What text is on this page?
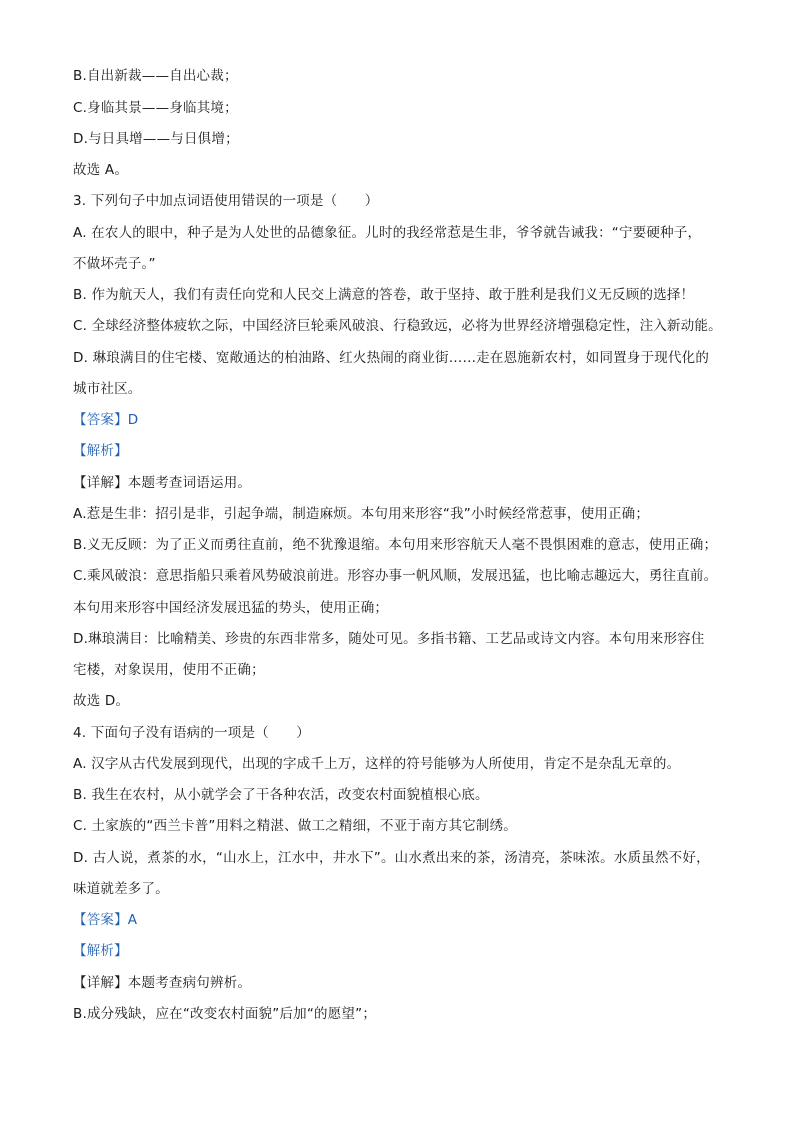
B.自出新裁——自出心裁；
C.身临其景——身临其境；
D.与日具增——与日俱增；
故选 A。
3. 下列句子中加点词语使用错误的一项是（　　）
A. 在农人的眼中，种子是为人处世的品德象征。儿时的我经常惹是生非，爷爷就告诫我：“宁要硬种子，
不做坏壳子。”
B. 作为航天人，我们有责任向党和人民交上满意的答卷，敢于坚持、敢于胜利是我们义无反顾的选择！
C. 全球经济整体疲软之际，中国经济巨轮乘风破浪、行稳致远，必将为世界经济增强稳定性，注入新动能。
D. 琳琅满目的住宅楼、宽敞通达的柏油路、红火热闹的商业街……走在恩施新农村，如同置身于现代化的
城市社区。
【答案】D
【解析】
【详解】本题考查词语运用。
A.惹是生非：招引是非，引起争端，制造麻烦。本句用来形容“我”小时候经常惹事，使用正确；
B.义无反顾：为了正义而勇往直前，绝不犹豫退缩。本句用来形容航天人毫不畏惧困难的意志，使用正确；
C.乘风破浪：意思指船只乘着风势破浪前进。形容办事一帆风顺，发展迅猛，也比喻志趣远大，勇往直前。
本句用来形容中国经济发展迅猛的势头，使用正确；
D.琳琅满目：比喻精美、珍贵的东西非常多，随处可见。多指书籍、工艺品或诗文内容。本句用来形容住
宅楼，对象误用，使用不正确；
故选 D。
4. 下面句子没有语病的一项是（　　）
A. 汉字从古代发展到现代，出现的字成千上万，这样的符号能够为人所使用，肯定不是杂乱无章的。
B. 我生在农村，从小就学会了干各种农活，改变农村面貌植根心底。
C. 土家族的“西兰卡普”用料之精湛、做工之精细，不亚于南方其它制绣。
D. 古人说，煮茶的水，“山水上，江水中，井水下”。山水煮出来的茶，汤清亮，茶味浓。水质虽然不好，
味道就差多了。
【答案】A
【解析】
【详解】本题考查病句辨析。
B.成分残缺，应在“改变农村面貌”后加“的愿望”；
